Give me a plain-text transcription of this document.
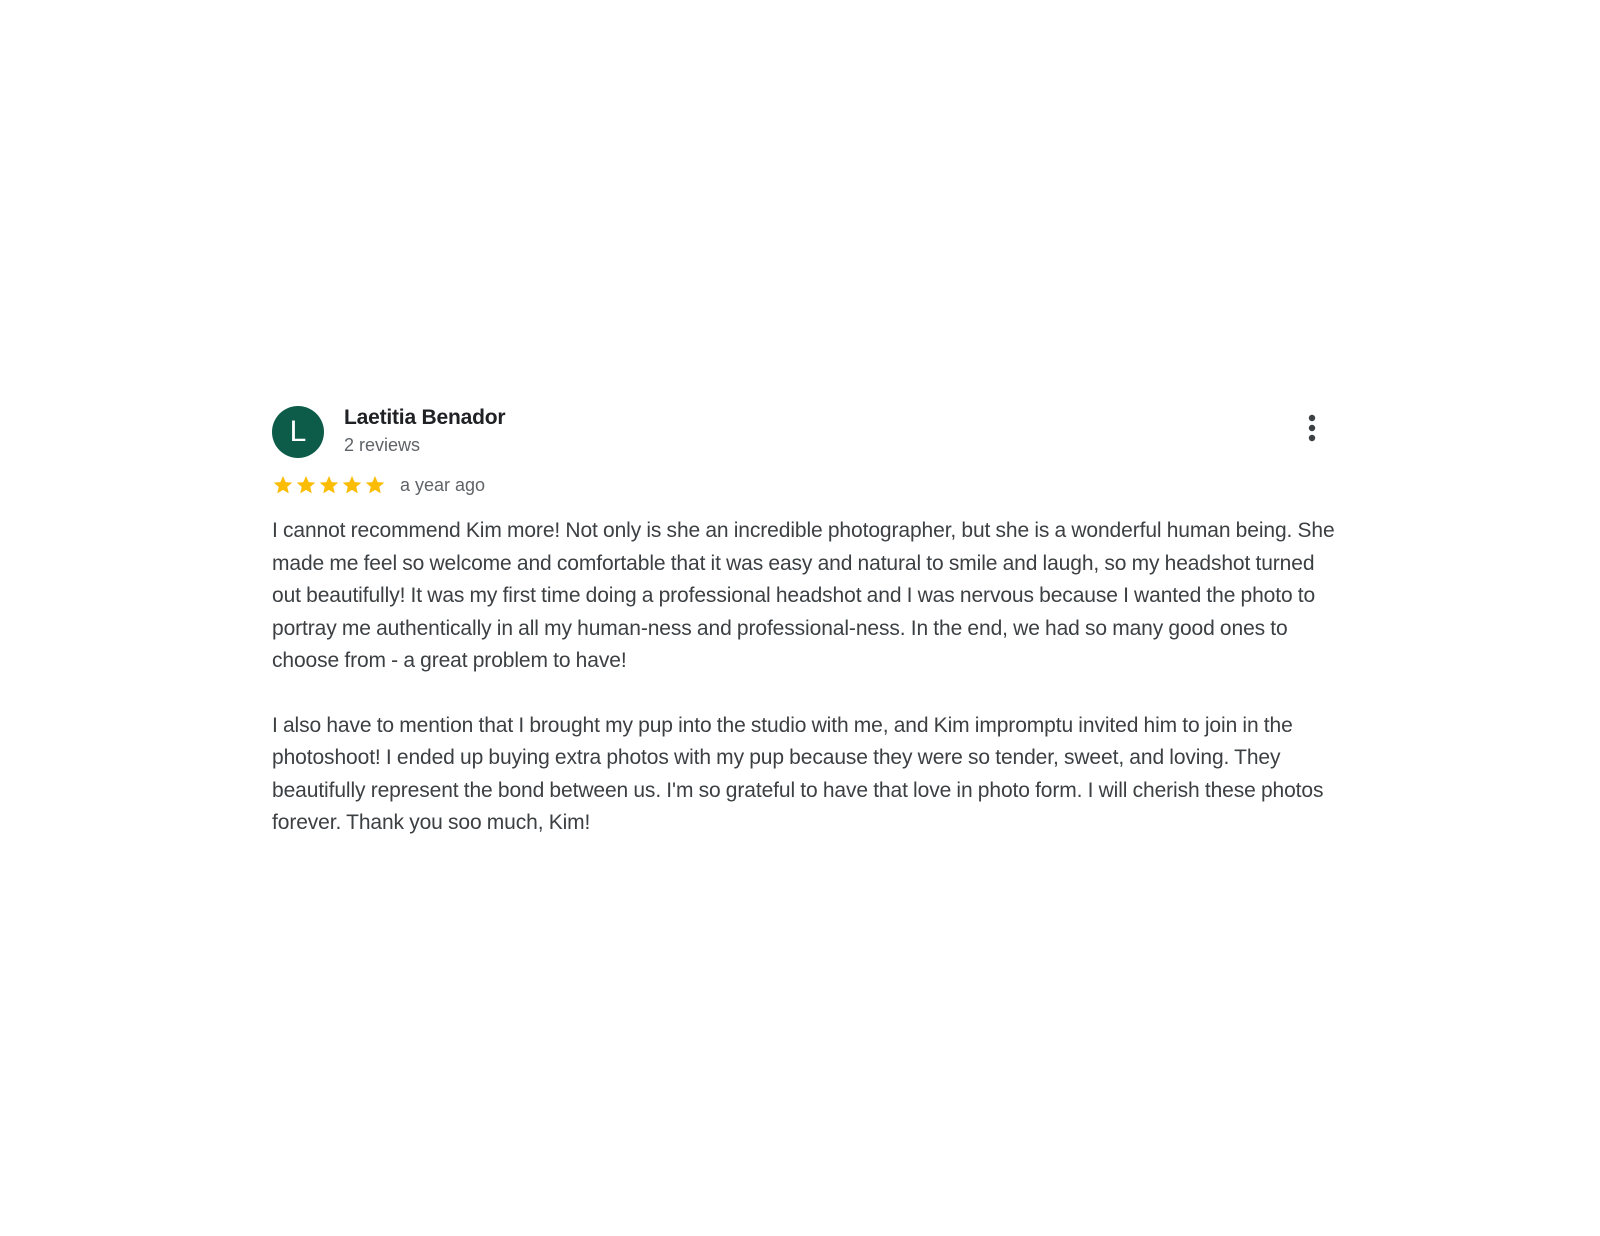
L Laetitia Benador
2 reviews
a year ago

I cannot recommend Kim more! Not only is she an incredible photographer, but she is a wonderful human being. She made me feel so welcome and comfortable that it was easy and natural to smile and laugh, so my headshot turned out beautifully! It was my first time doing a professional headshot and I was nervous because I wanted the photo to portray me authentically in all my human-ness and professional-ness. In the end, we had so many good ones to choose from - a great problem to have!

I also have to mention that I brought my pup into the studio with me, and Kim impromptu invited him to join in the photoshoot! I ended up buying extra photos with my pup because they were so tender, sweet, and loving. They beautifully represent the bond between us. I'm so grateful to have that love in photo form. I will cherish these photos forever. Thank you soo much, Kim!
